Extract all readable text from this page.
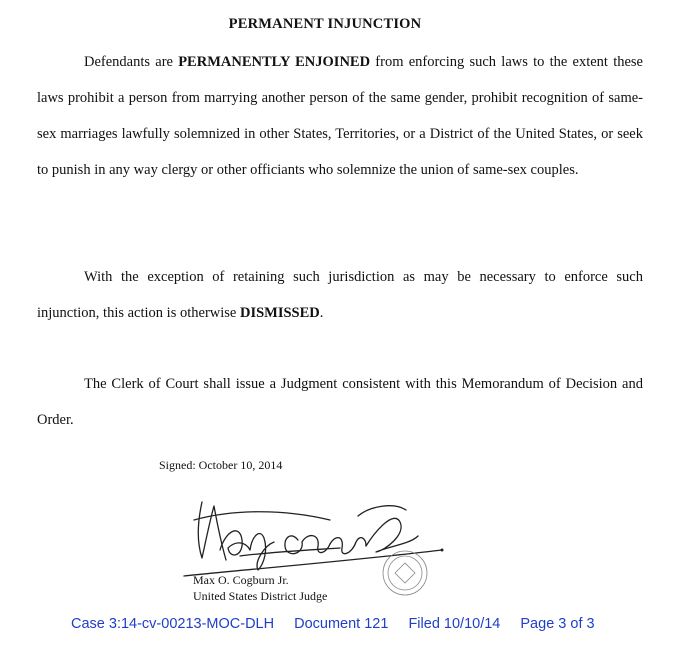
PERMANENT INJUNCTION

Defendants are PERMANENTLY ENJOINED from enforcing such laws to the extent these laws prohibit a person from marrying another person of the same gender, prohibit recognition of same-sex marriages lawfully solemnized in other States, Territories, or a District of the United States, or seek to punish in any way clergy or other officiants who solemnize the union of same-sex couples.

With the exception of retaining such jurisdiction as may be necessary to enforce such injunction, this action is otherwise DISMISSED.

The Clerk of Court shall issue a Judgment consistent with this Memorandum of Decision and Order.

Signed: October 10, 2014
Max O. Cogburn Jr.
United States District Judge
Case 3:14-cv-00213-MOC-DLH Document 121 Filed 10/10/14 Page 3 of 3
